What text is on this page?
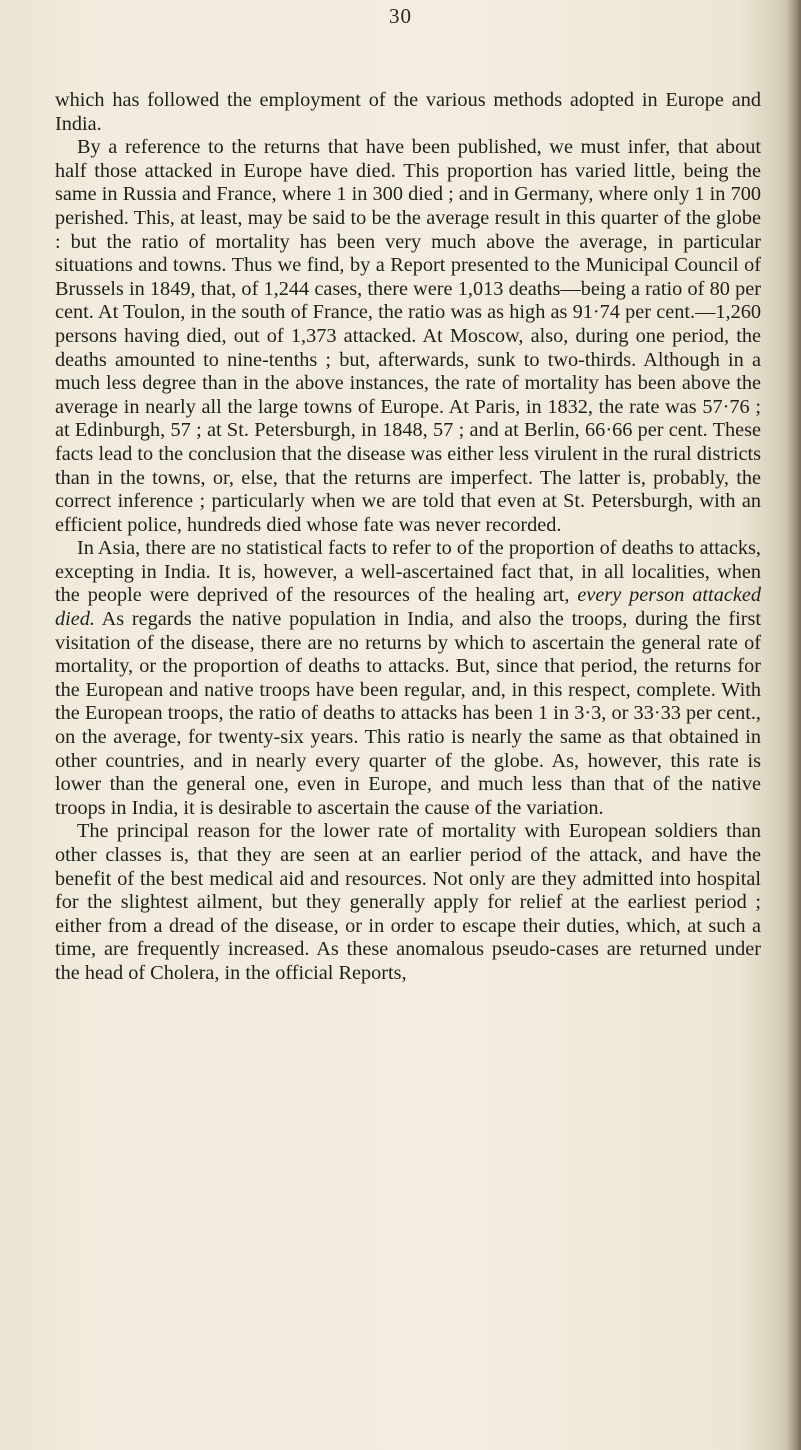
30

which has followed the employment of the various methods adopted in Europe and India.

By a reference to the returns that have been published, we must infer, that about half those attacked in Europe have died. This proportion has varied little, being the same in Russia and France, where 1 in 300 died ; and in Germany, where only 1 in 700 perished. This, at least, may be said to be the average result in this quarter of the globe : but the ratio of mortality has been very much above the average, in particular situations and towns. Thus we find, by a Report presented to the Municipal Council of Brussels in 1849, that, of 1,244 cases, there were 1,013 deaths—being a ratio of 80 per cent. At Toulon, in the south of France, the ratio was as high as 91·74 per cent.—1,260 persons having died, out of 1,373 attacked. At Moscow, also, during one period, the deaths amounted to nine-tenths ; but, afterwards, sunk to two-thirds. Although in a much less degree than in the above instances, the rate of mortality has been above the average in nearly all the large towns of Europe. At Paris, in 1832, the rate was 57·76 ; at Edinburgh, 57 ; at St. Petersburgh, in 1848, 57 ; and at Berlin, 66·66 per cent. These facts lead to the conclusion that the disease was either less virulent in the rural districts than in the towns, or, else, that the returns are imperfect. The latter is, probably, the correct inference ; particularly when we are told that even at St. Petersburgh, with an efficient police, hundreds died whose fate was never recorded.

In Asia, there are no statistical facts to refer to of the proportion of deaths to attacks, excepting in India. It is, however, a well-ascertained fact that, in all localities, when the people were deprived of the resources of the healing art, every person attacked died. As regards the native population in India, and also the troops, during the first visitation of the disease, there are no returns by which to ascertain the general rate of mortality, or the proportion of deaths to attacks. But, since that period, the returns for the European and native troops have been regular, and, in this respect, complete. With the European troops, the ratio of deaths to attacks has been 1 in 3·3, or 33·33 per cent., on the average, for twenty-six years. This ratio is nearly the same as that obtained in other countries, and in nearly every quarter of the globe. As, however, this rate is lower than the general one, even in Europe, and much less than that of the native troops in India, it is desirable to ascertain the cause of the variation.

The principal reason for the lower rate of mortality with European soldiers than other classes is, that they are seen at an earlier period of the attack, and have the benefit of the best medical aid and resources. Not only are they admitted into hospital for the slightest ailment, but they generally apply for relief at the earliest period ; either from a dread of the disease, or in order to escape their duties, which, at such a time, are frequently increased. As these anomalous pseudo-cases are returned under the head of Cholera, in the official Reports,
